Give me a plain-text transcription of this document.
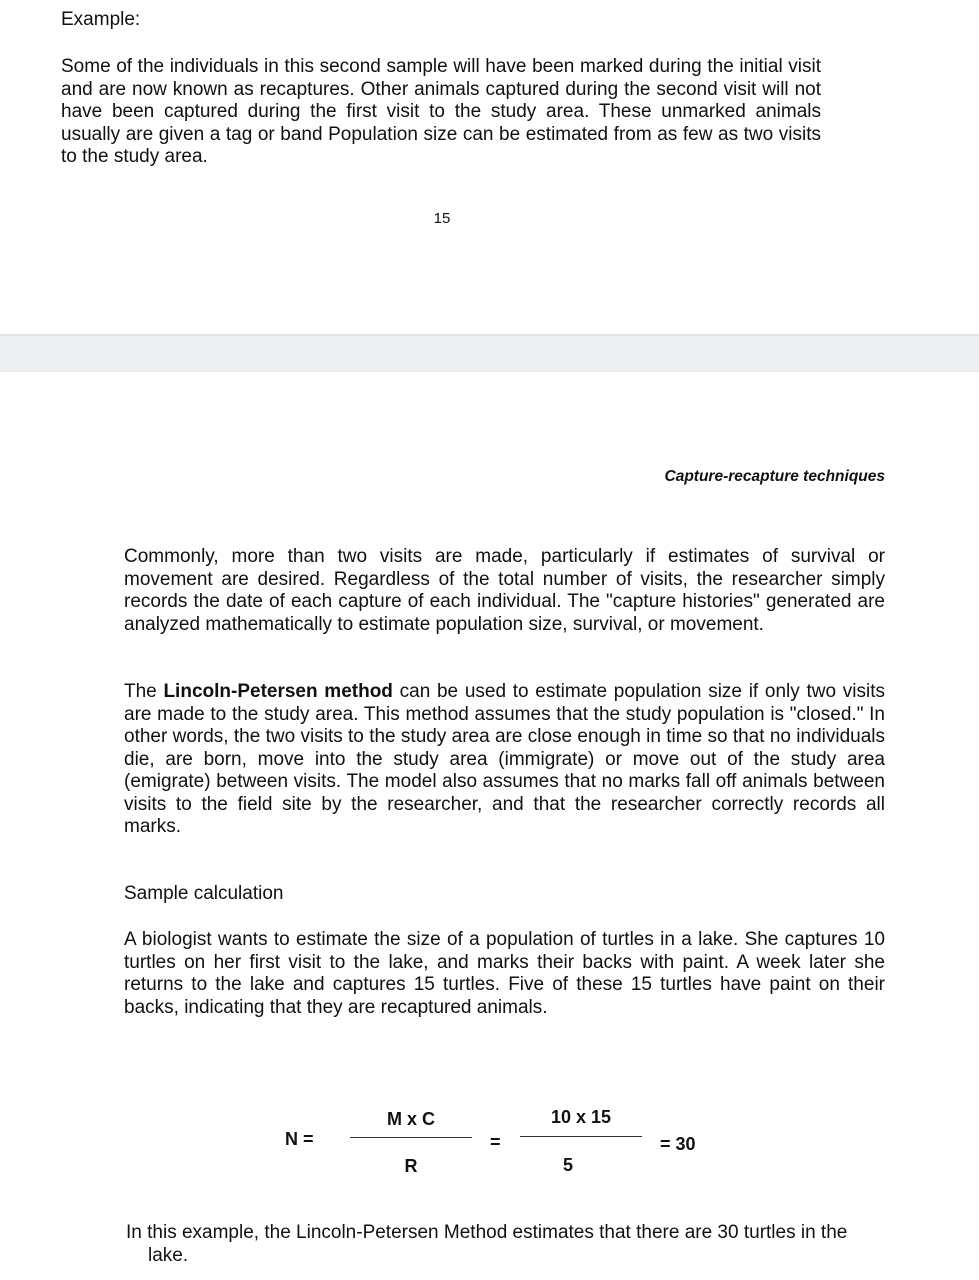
Example:

Some of the individuals in this second sample will have been marked during the initial visit and are now known as recaptures. Other animals captured during the second visit will not have been captured during the first visit to the study area. These unmarked animals usually are given a tag or band Population size can be estimated from as few as two visits to the study area.

15

Capture-recapture techniques

Commonly, more than two visits are made, particularly if estimates of survival or movement are desired. Regardless of the total number of visits, the researcher simply records the date of each capture of each individual. The "capture histories" generated are analyzed mathematically to estimate population size, survival, or movement.

The Lincoln-Petersen method can be used to estimate population size if only two visits are made to the study area. This method assumes that the study population is "closed." In other words, the two visits to the study area are close enough in time so that no individuals die, are born, move into the study area (immigrate) or move out of the study area (emigrate) between visits. The model also assumes that no marks fall off animals between visits to the field site by the researcher, and that the researcher correctly records all marks.

Sample calculation

A biologist wants to estimate the size of a population of turtles in a lake. She captures 10 turtles on her first visit to the lake, and marks their backs with paint. A week later she returns to the lake and captures 15 turtles. Five of these 15 turtles have paint on their backs, indicating that they are recaptured animals.

N =
M x C
R
=
10 x 15
5
= 30

In this example, the Lincoln-Petersen Method estimates that there are 30 turtles in the
lake.
